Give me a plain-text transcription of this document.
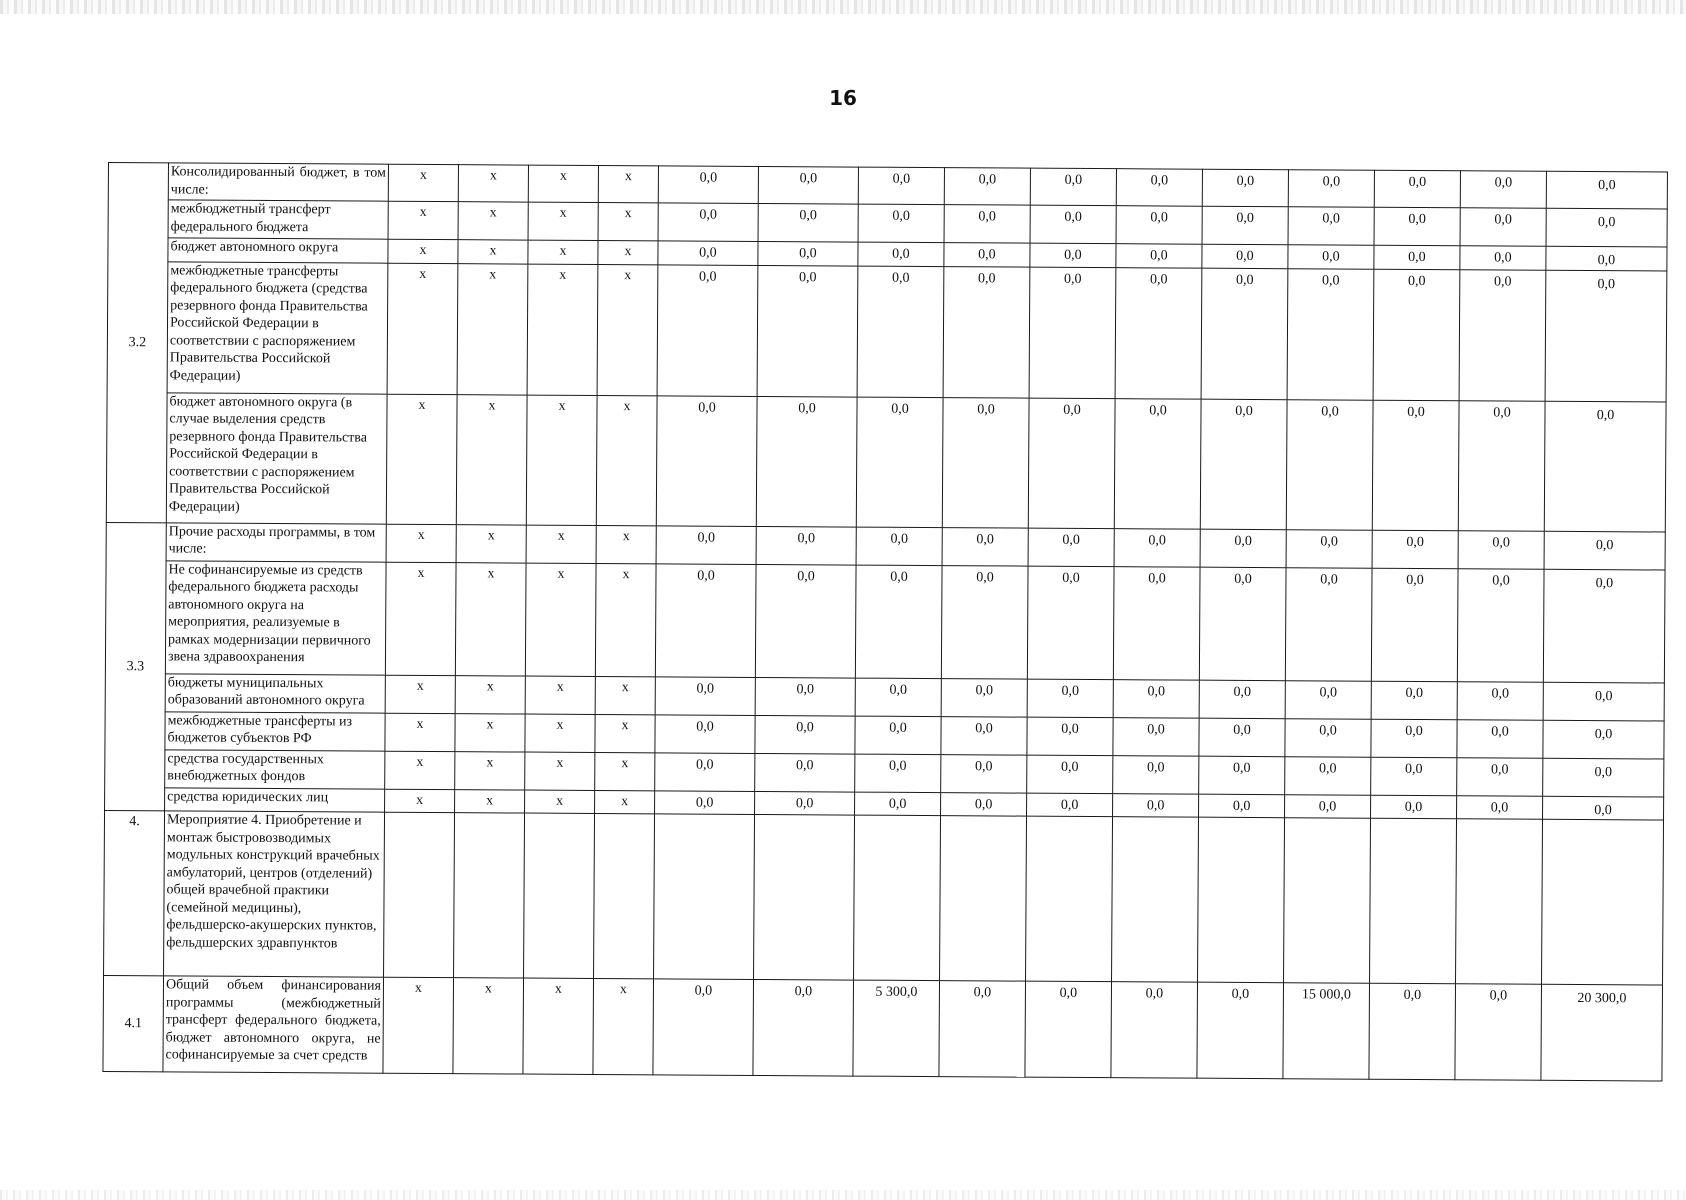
16
3.2	Консолидированный бюджет, в том числе:	x	x	x	x	0,0	0,0	0,0	0,0	0,0	0,0	0,0	0,0	0,0	0,0	0,0
	межбюджетный трансферт федерального бюджета	x	x	x	x	0,0	0,0	0,0	0,0	0,0	0,0	0,0	0,0	0,0	0,0	0,0
	бюджет автономного округа	x	x	x	x	0,0	0,0	0,0	0,0	0,0	0,0	0,0	0,0	0,0	0,0	0,0
	межбюджетные трансферты федерального бюджета (средства резервного фонда Правительства Российской Федерации в соответствии с распоряжением Правительства Российской Федерации)	x	x	x	x	0,0	0,0	0,0	0,0	0,0	0,0	0,0	0,0	0,0	0,0	0,0
	бюджет автономного округа (в случае выделения средств резервного фонда Правительства Российской Федерации в соответствии с распоряжением Правительства Российской Федерации)	x	x	x	x	0,0	0,0	0,0	0,0	0,0	0,0	0,0	0,0	0,0	0,0	0,0
3.3	Прочие расходы программы, в том числе:	x	x	x	x	0,0	0,0	0,0	0,0	0,0	0,0	0,0	0,0	0,0	0,0	0,0
	Не софинансируемые из средств федерального бюджета расходы автономного округа на мероприятия, реализуемые в рамках модернизации первичного звена здравоохранения	x	x	x	x	0,0	0,0	0,0	0,0	0,0	0,0	0,0	0,0	0,0	0,0	0,0
	бюджеты муниципальных образований автономного округа	x	x	x	x	0,0	0,0	0,0	0,0	0,0	0,0	0,0	0,0	0,0	0,0	0,0
	межбюджетные трансферты из бюджетов субъектов РФ	x	x	x	x	0,0	0,0	0,0	0,0	0,0	0,0	0,0	0,0	0,0	0,0	0,0
	средства государственных внебюджетных фондов	x	x	x	x	0,0	0,0	0,0	0,0	0,0	0,0	0,0	0,0	0,0	0,0	0,0
	средства юридических лиц	x	x	x	x	0,0	0,0	0,0	0,0	0,0	0,0	0,0	0,0	0,0	0,0	0,0
4.	Мероприятие 4. Приобретение и монтаж быстровозводимых модульных конструкций врачебных амбулаторий, центров (отделений) общей врачебной практики (семейной медицины), фельдшерско-акушерских пунктов, фельдшерских здравпунктов															
4.1	Общий объем финансирования программы (межбюджетный трансферт федерального бюджета, бюджет автономного округа, не софинансируемые за счет средств	x	x	x	x	0,0	0,0	5 300,0	0,0	0,0	0,0	0,0	15 000,0	0,0	0,0	20 300,0
